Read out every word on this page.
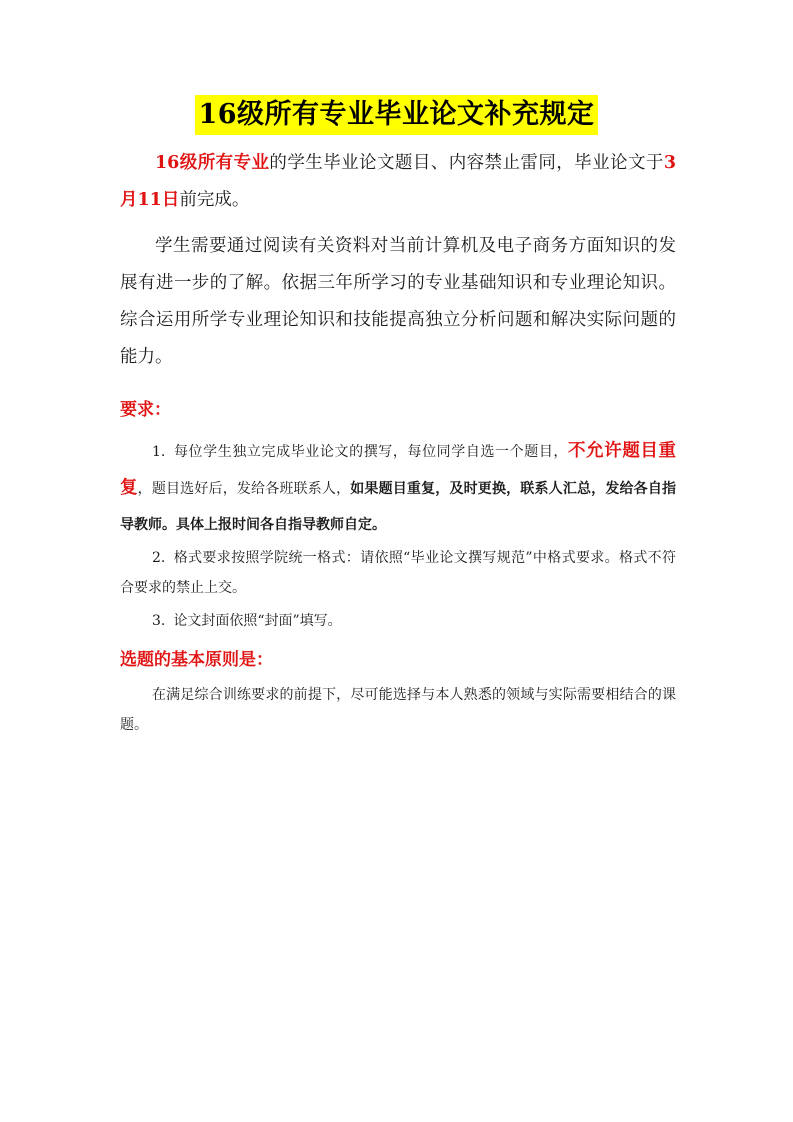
16级所有专业毕业论文补充规定

16级所有专业的学生毕业论文题目、内容禁止雷同，毕业论文于3月11日前完成。

学生需要通过阅读有关资料对当前计算机及电子商务方面知识的发展有进一步的了解。依据三年所学习的专业基础知识和专业理论知识。综合运用所学专业理论知识和技能提高独立分析问题和解决实际问题的能力。

要求：

1. 每位学生独立完成毕业论文的撰写，每位同学自选一个题目，不允许题目重复，题目选好后，发给各班联系人，如果题目重复，及时更换，联系人汇总，发给各自指导教师。具体上报时间各自指导教师自定。

2. 格式要求按照学院统一格式：请依照“毕业论文撰写规范”中格式要求。格式不符合要求的禁止上交。

3. 论文封面依照“封面”填写。

选题的基本原则是：

在满足综合训练要求的前提下，尽可能选择与本人熟悉的领域与实际需要相结合的课题。
